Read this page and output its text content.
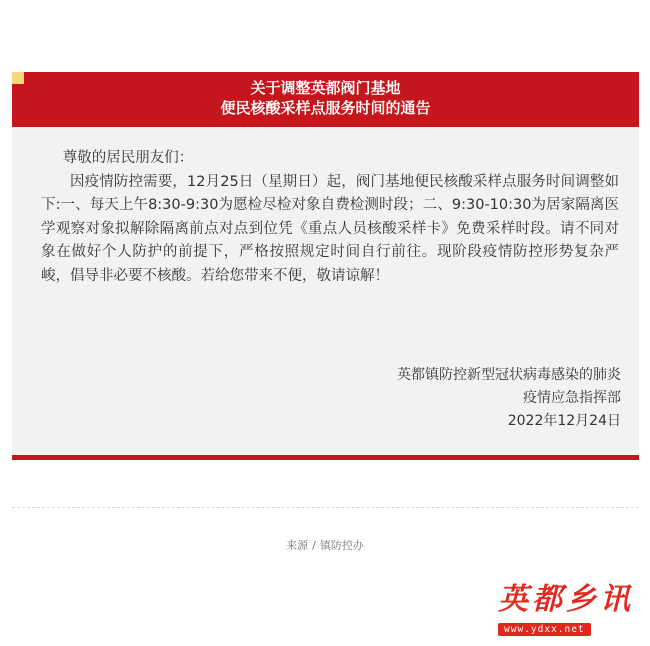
关于调整英都阀门基地
便民核酸采样点服务时间的通告

尊敬的居民朋友们：

因疫情防控需要，12月25日（星期日）起，阀门基地便民核酸采样点服务时间调整如下:一、每天上午8:30-9:30为愿检尽检对象自费检测时段；二、9:30-10:30为居家隔离医学观察对象拟解除隔离前点对点到位凭《重点人员核酸采样卡》免费采样时段。请不同对象在做好个人防护的前提下，严格按照规定时间自行前往。现阶段疫情防控形势复杂严峻，倡导非必要不核酸。若给您带来不便，敬请谅解！

英都镇防控新型冠状病毒感染的肺炎
疫情应急指挥部
2022年12月24日
来源 / 镇防控办
英都乡讯
www.ydxx.net
